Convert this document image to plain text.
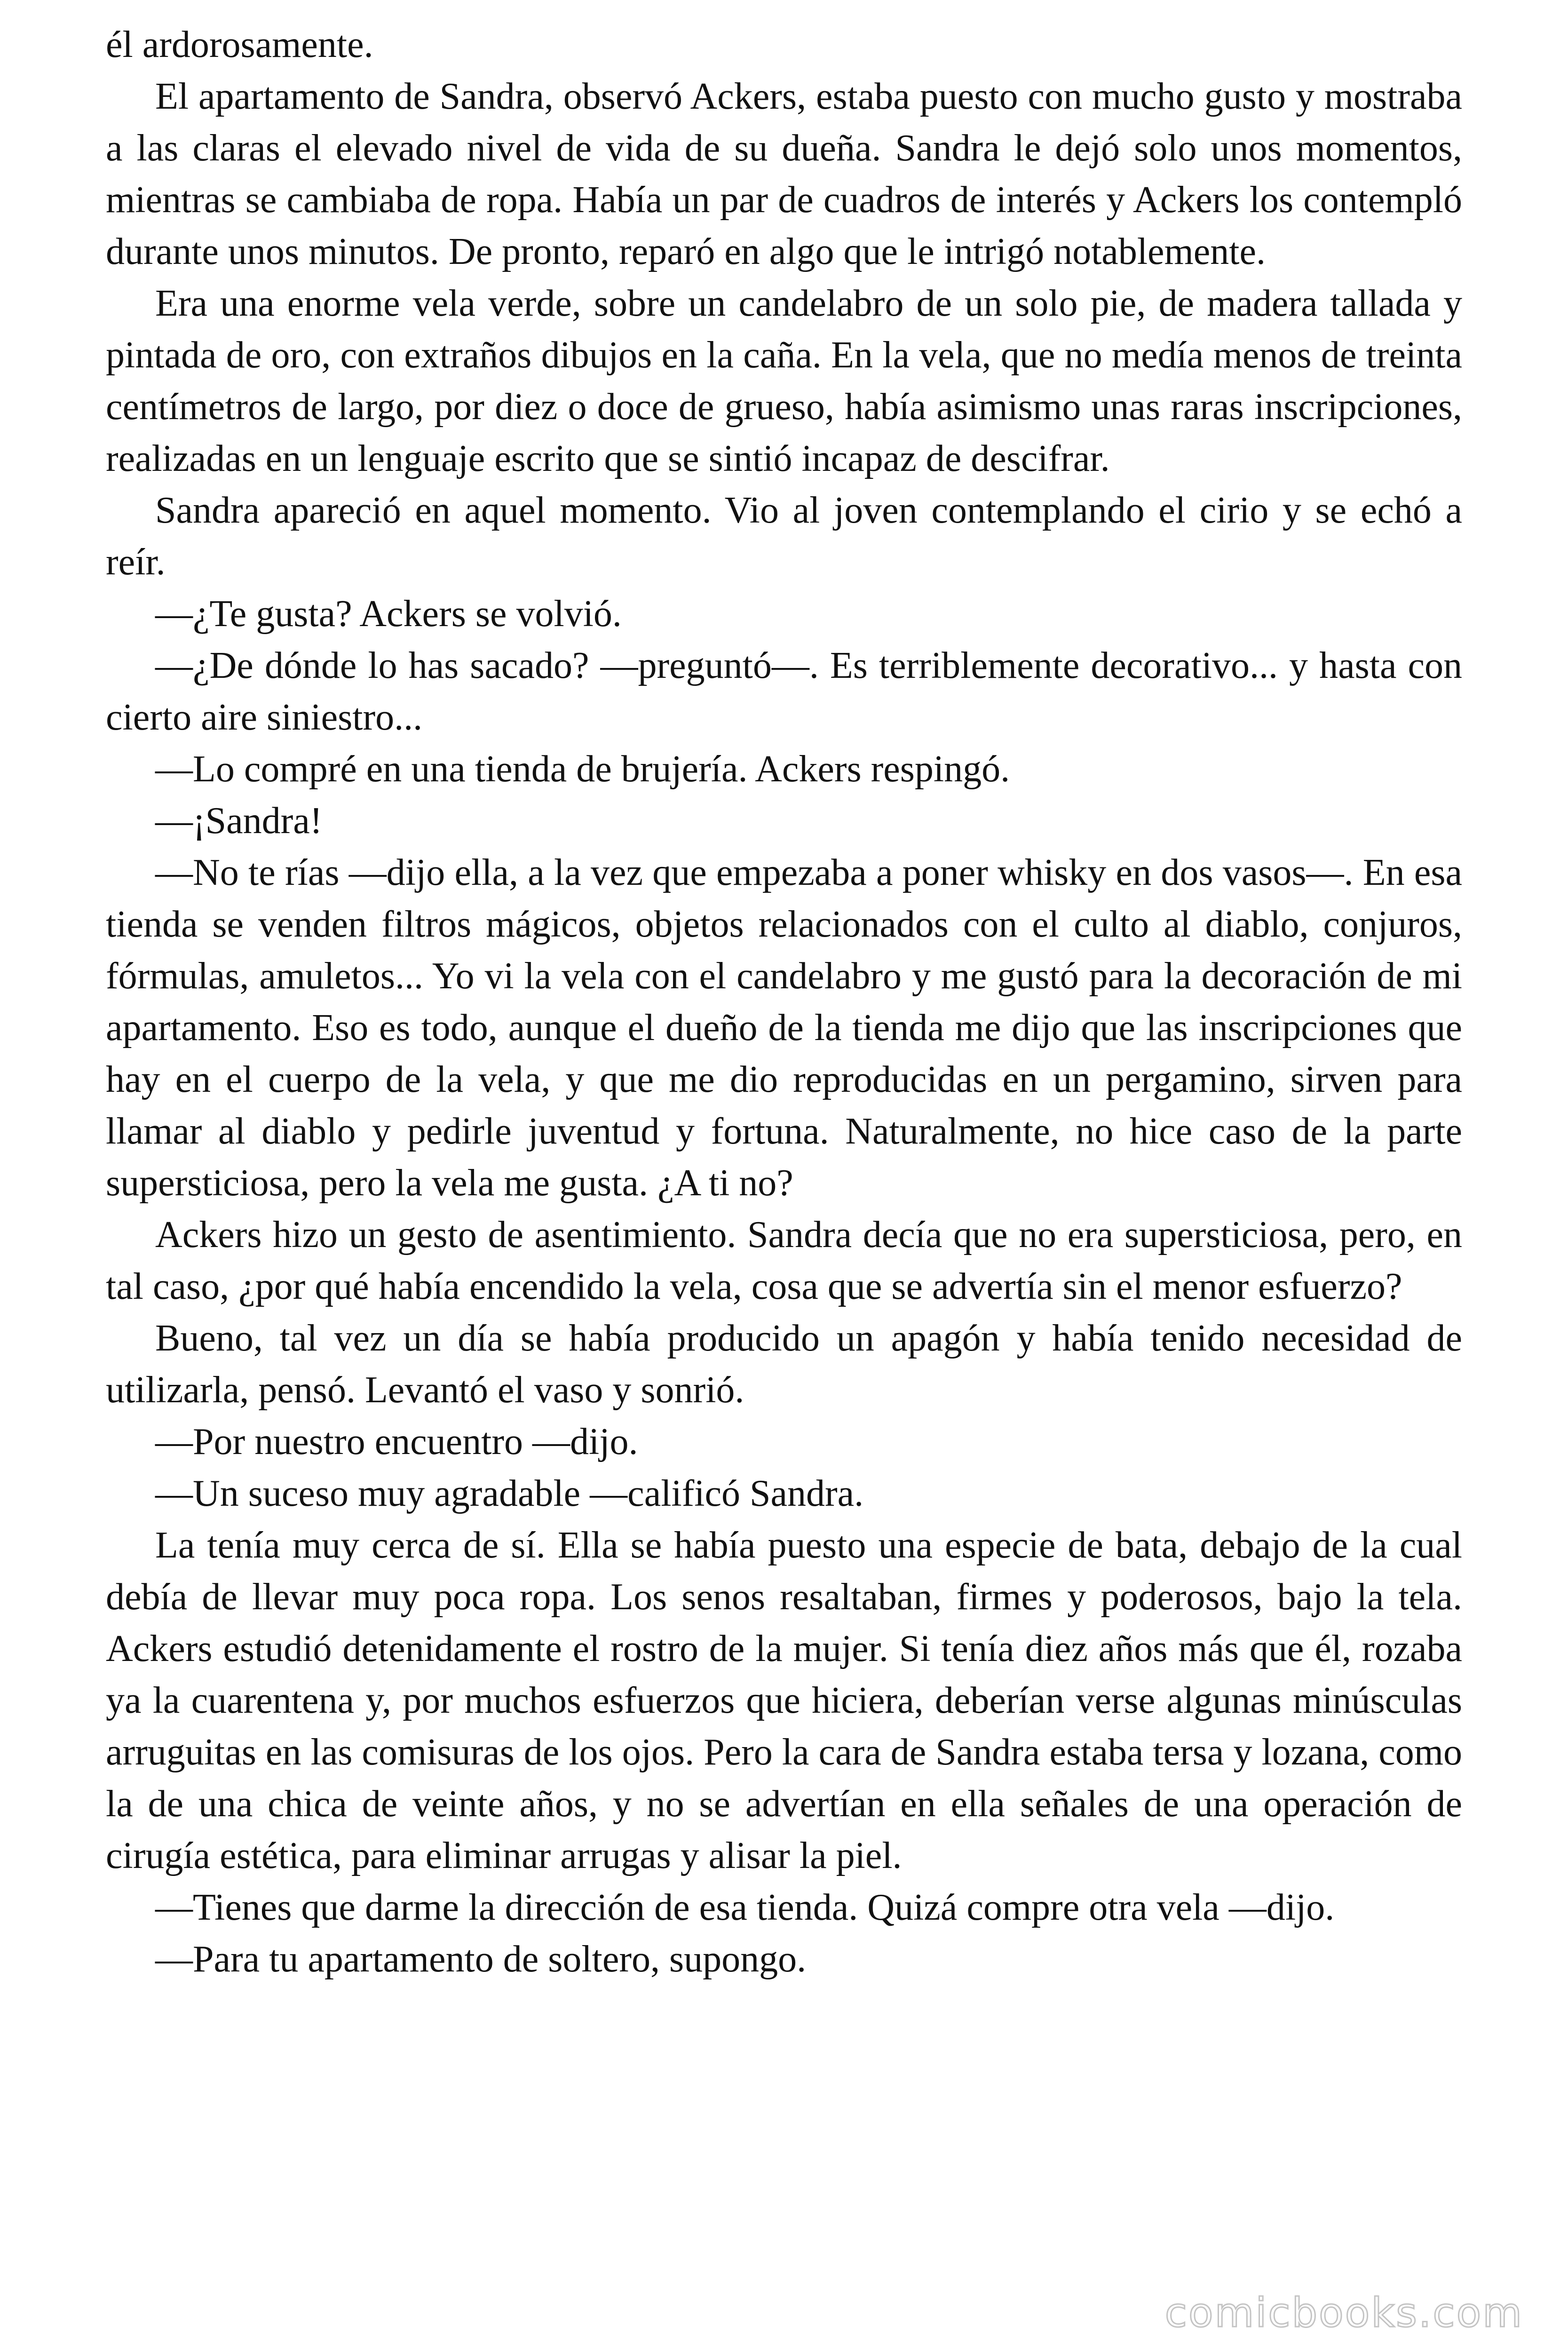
él ardorosamente.

El apartamento de Sandra, observó Ackers, estaba puesto con mucho gusto y mostraba a las claras el elevado nivel de vida de su dueña. Sandra le dejó solo unos momentos, mientras se cambiaba de ropa. Había un par de cuadros de interés y Ackers los contempló durante unos minutos. De pronto, reparó en algo que le intrigó notablemente.

Era una enorme vela verde, sobre un candelabro de un solo pie, de madera tallada y pintada de oro, con extraños dibujos en la caña. En la vela, que no medía menos de treinta centímetros de largo, por diez o doce de grueso, había asimismo unas raras inscripciones, realizadas en un lenguaje escrito que se sintió incapaz de descifrar.

Sandra apareció en aquel momento. Vio al joven contemplando el cirio y se echó a reír.

—¿Te gusta? Ackers se volvió.

—¿De dónde lo has sacado? —preguntó—. Es terriblemente decorativo... y hasta con cierto aire siniestro...

—Lo compré en una tienda de brujería. Ackers respingó.

—¡Sandra!

—No te rías —dijo ella, a la vez que empezaba a poner whisky en dos vasos—. En esa tienda se venden filtros mágicos, objetos relacionados con el culto al diablo, conjuros, fórmulas, amuletos... Yo vi la vela con el candelabro y me gustó para la decoración de mi apartamento. Eso es todo, aunque el dueño de la tienda me dijo que las inscripciones que hay en el cuerpo de la vela, y que me dio reproducidas en un pergamino, sirven para llamar al diablo y pedirle juventud y fortuna. Naturalmente, no hice caso de la parte supersticiosa, pero la vela me gusta. ¿A ti no?

Ackers hizo un gesto de asentimiento. Sandra decía que no era supersticiosa, pero, en tal caso, ¿por qué había encendido la vela, cosa que se advertía sin el menor esfuerzo?

Bueno, tal vez un día se había producido un apagón y había tenido necesidad de utilizarla, pensó. Levantó el vaso y sonrió.

—Por nuestro encuentro —dijo.

—Un suceso muy agradable —calificó Sandra.

La tenía muy cerca de sí. Ella se había puesto una especie de bata, debajo de la cual debía de llevar muy poca ropa. Los senos resaltaban, firmes y poderosos, bajo la tela. Ackers estudió detenidamente el rostro de la mujer. Si tenía diez años más que él, rozaba ya la cuarentena y, por muchos esfuerzos que hiciera, deberían verse algunas minúsculas arruguitas en las comisuras de los ojos. Pero la cara de Sandra estaba tersa y lozana, como la de una chica de veinte años, y no se advertían en ella señales de una operación de cirugía estética, para eliminar arrugas y alisar la piel.

—Tienes que darme la dirección de esa tienda. Quizá compre otra vela —dijo.

—Para tu apartamento de soltero, supongo.

comicbooks.com
